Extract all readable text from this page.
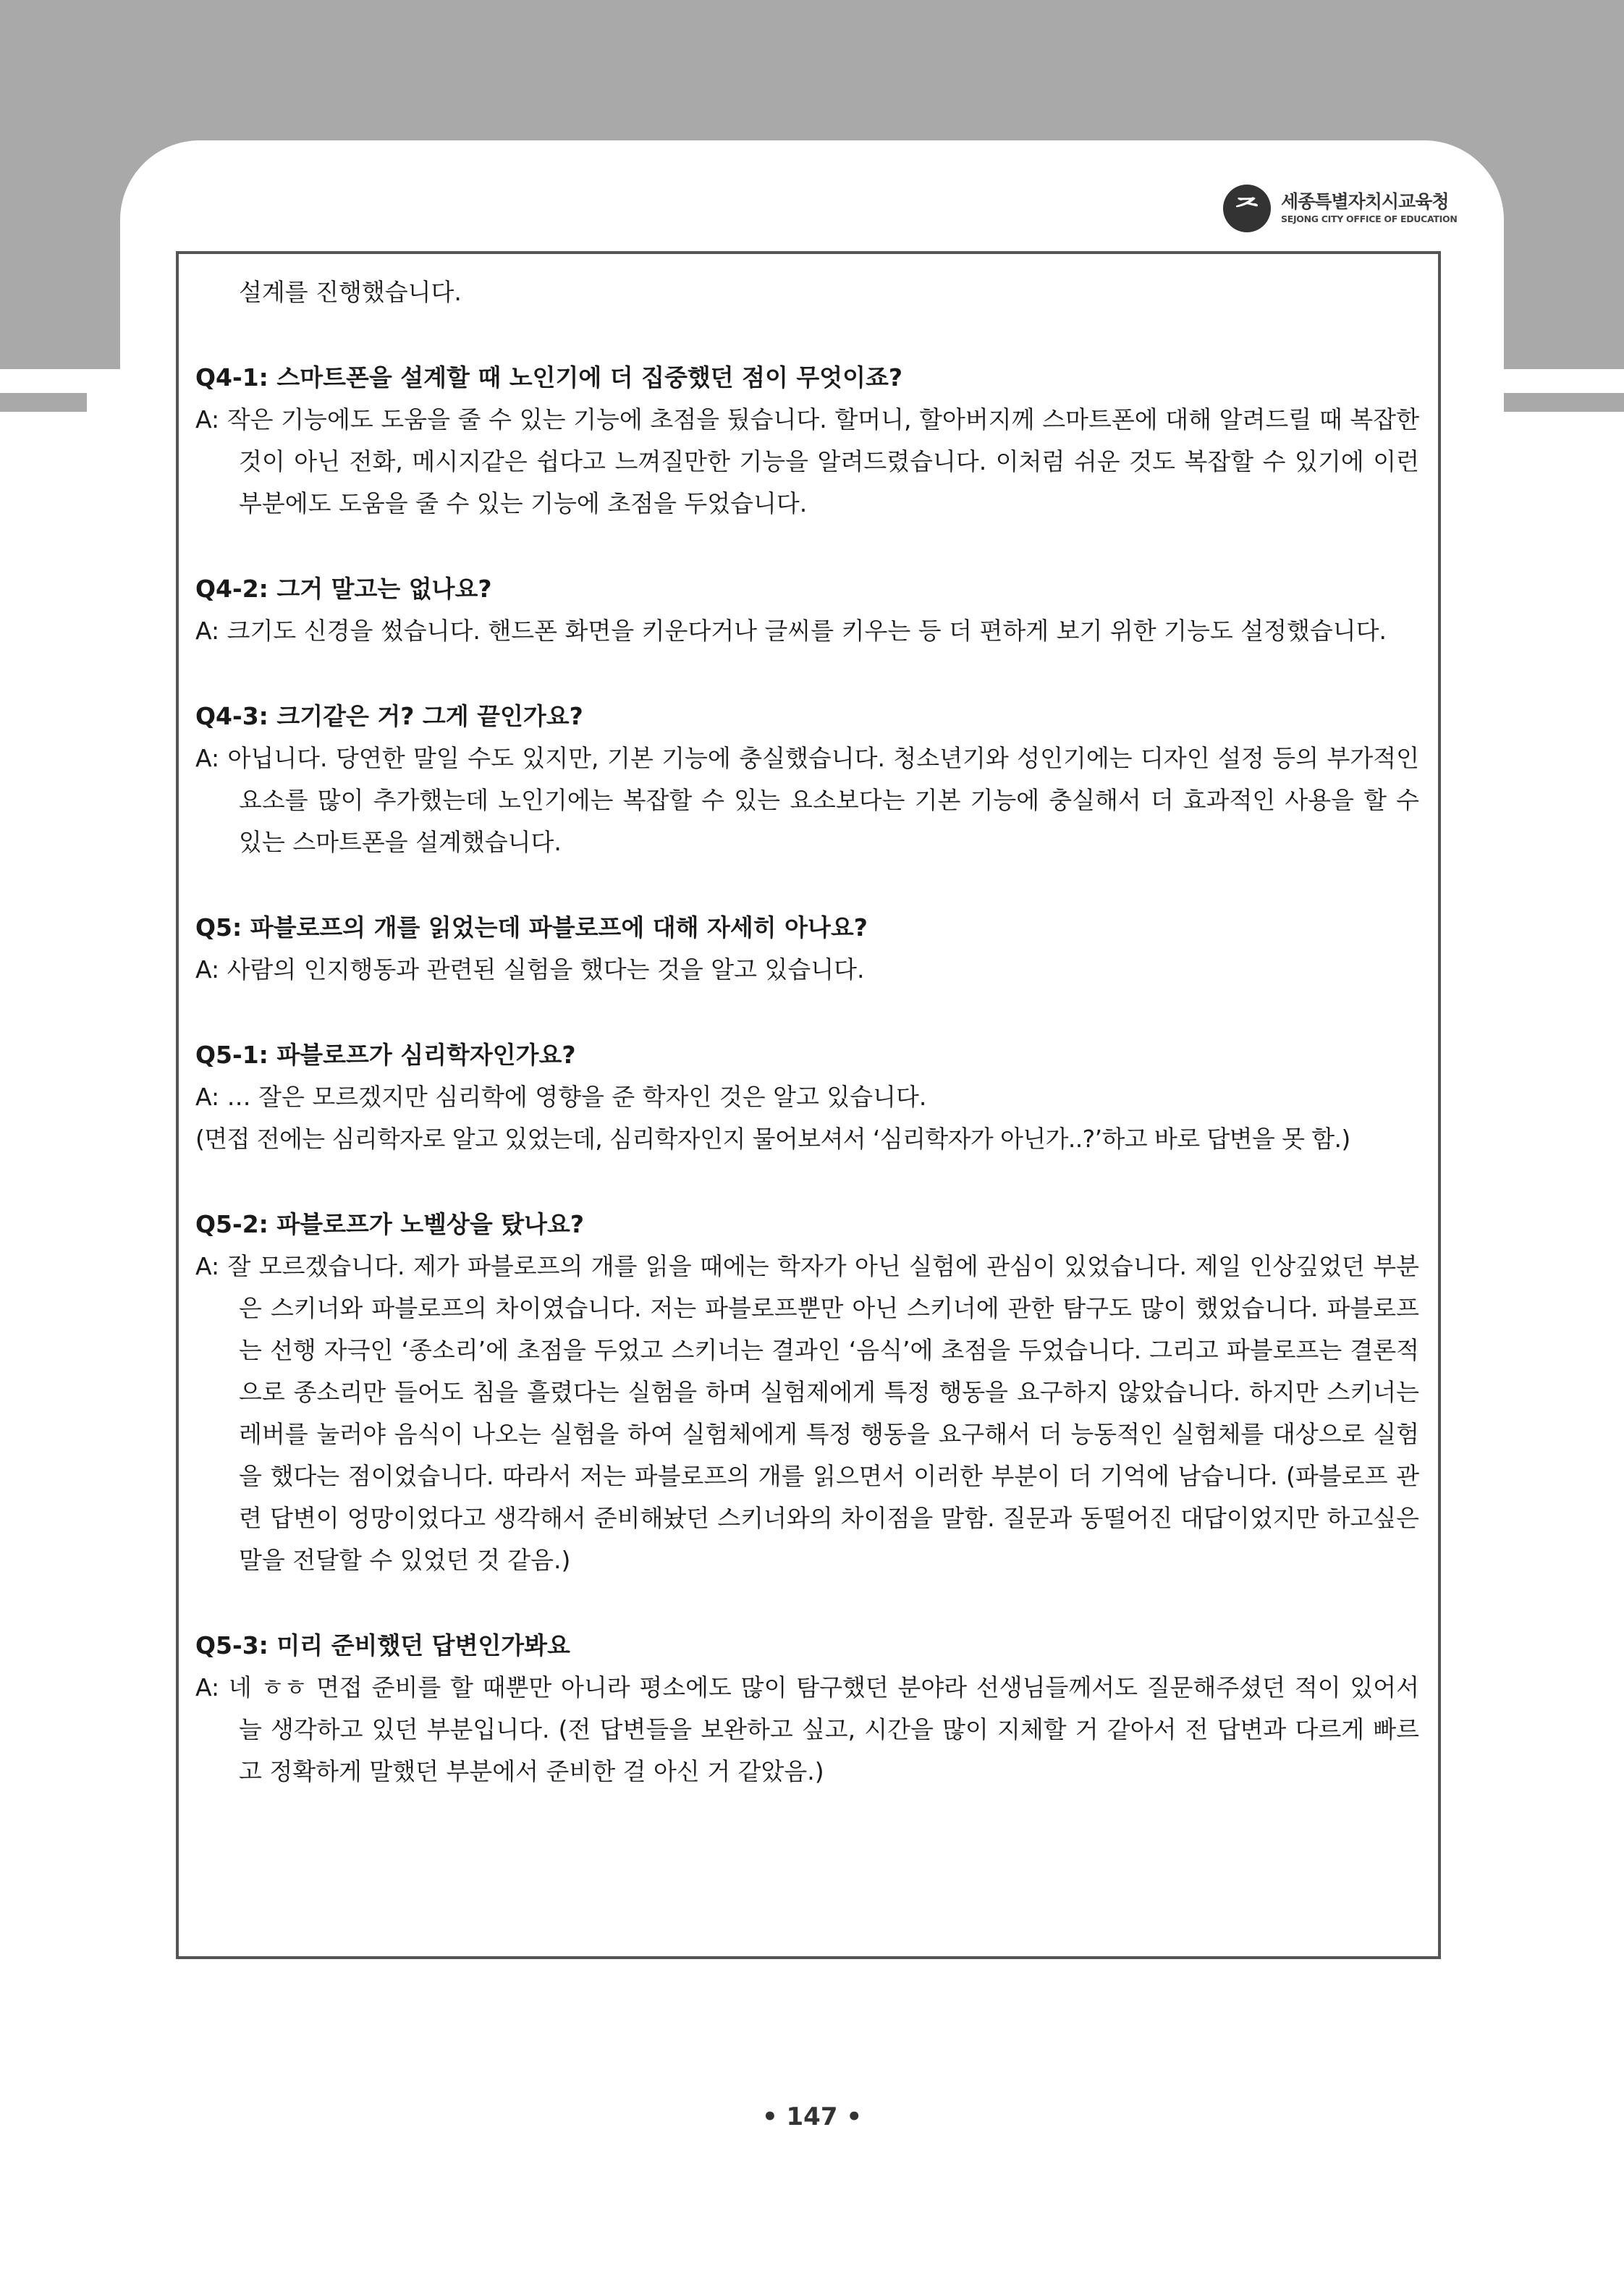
ᄌ	세종특별자치시교육청
SEJONG CITY OFFICE OF EDUCATION

설계를 진행했습니다.

Q4-1: 스마트폰을 설계할 때 노인기에 더 집중했던 점이 무엇이죠?

A: 작은 기능에도 도움을 줄 수 있는 기능에 초점을 뒀습니다. 할머니, 할아버지께 스마트폰에 대해 알려드릴 때 복잡한 것이 아닌 전화, 메시지같은 쉽다고 느껴질만한 기능을 알려드렸습니다. 이처럼 쉬운 것도 복잡할 수 있기에 이런 부분에도 도움을 줄 수 있는 기능에 초점을 두었습니다.

Q4-2: 그거 말고는 없나요?

A: 크기도 신경을 썼습니다. 핸드폰 화면을 키운다거나 글씨를 키우는 등 더 편하게 보기 위한 기능도 설정했습니다.

Q4-3: 크기같은 거? 그게 끝인가요?

A: 아닙니다. 당연한 말일 수도 있지만, 기본 기능에 충실했습니다. 청소년기와 성인기에는 디자인 설정 등의 부가적인 요소를 많이 추가했는데 노인기에는 복잡할 수 있는 요소보다는 기본 기능에 충실해서 더 효과적인 사용을 할 수 있는 스마트폰을 설계했습니다.

Q5: 파블로프의 개를 읽었는데 파블로프에 대해 자세히 아나요?

A: 사람의 인지행동과 관련된 실험을 했다는 것을 알고 있습니다.

Q5-1: 파블로프가 심리학자인가요?

A: … 잘은 모르겠지만 심리학에 영향을 준 학자인 것은 알고 있습니다.

(면접 전에는 심리학자로 알고 있었는데, 심리학자인지 물어보셔서 ‘심리학자가 아닌가..?’하고 바로 답변을 못 함.)

Q5-2: 파블로프가 노벨상을 탔나요?

A: 잘 모르겠습니다. 제가 파블로프의 개를 읽을 때에는 학자가 아닌 실험에 관심이 있었습니다. 제일 인상깊었던 부분은 스키너와 파블로프의 차이였습니다. 저는 파블로프뿐만 아닌 스키너에 관한 탐구도 많이 했었습니다. 파블로프는 선행 자극인 ‘종소리’에 초점을 두었고 스키너는 결과인 ‘음식’에 초점을 두었습니다. 그리고 파블로프는 결론적으로 종소리만 들어도 침을 흘렸다는 실험을 하며 실험제에게 특정 행동을 요구하지 않았습니다. 하지만 스키너는 레버를 눌러야 음식이 나오는 실험을 하여 실험체에게 특정 행동을 요구해서 더 능동적인 실험체를 대상으로 실험을 했다는 점이었습니다. 따라서 저는 파블로프의 개를 읽으면서 이러한 부분이 더 기억에 남습니다. (파블로프 관련 답변이 엉망이었다고 생각해서 준비해놨던 스키너와의 차이점을 말함. 질문과 동떨어진 대답이었지만 하고싶은 말을 전달할 수 있었던 것 같음.)

Q5-3: 미리 준비했던 답변인가봐요

A: 네 ㅎㅎ 면접 준비를 할 때뿐만 아니라 평소에도 많이 탐구했던 분야라 선생님들께서도 질문해주셨던 적이 있어서 늘 생각하고 있던 부분입니다. (전 답변들을 보완하고 싶고, 시간을 많이 지체할 거 같아서 전 답변과 다르게 빠르고 정확하게 말했던 부분에서 준비한 걸 아신 거 같았음.)

• 147 •
